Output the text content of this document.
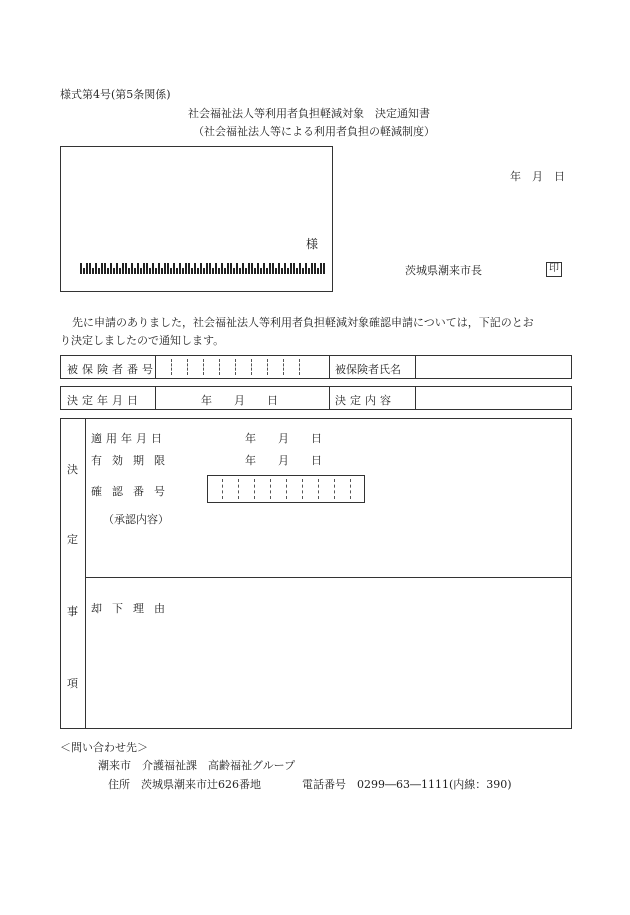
様式第4号(第5条関係)
社会福祉法人等利用者負担軽減対象　決定通知書
（社会福祉法人等による利用者負担の軽減制度）
様
年　月　日
茨城県潮来市長	印
先に申請のありました，社会福祉法人等利用者負担軽減対象確認申請については，下記のとお
り決定しましたので通知します。
被保険者番号	被保険者氏名
決定年月日	年　　月　　日	決定内容
決
定
事
項
適用年月日	年　　月　　日
有効期限	年　　月　　日
確認番号
（承認内容）
却下理由
＜問い合わせ先＞
潮来市　介護福祉課　高齢福祉グループ
住所　茨城県潮来市辻626番地	電話番号　0299―63―1111(内線：390)
